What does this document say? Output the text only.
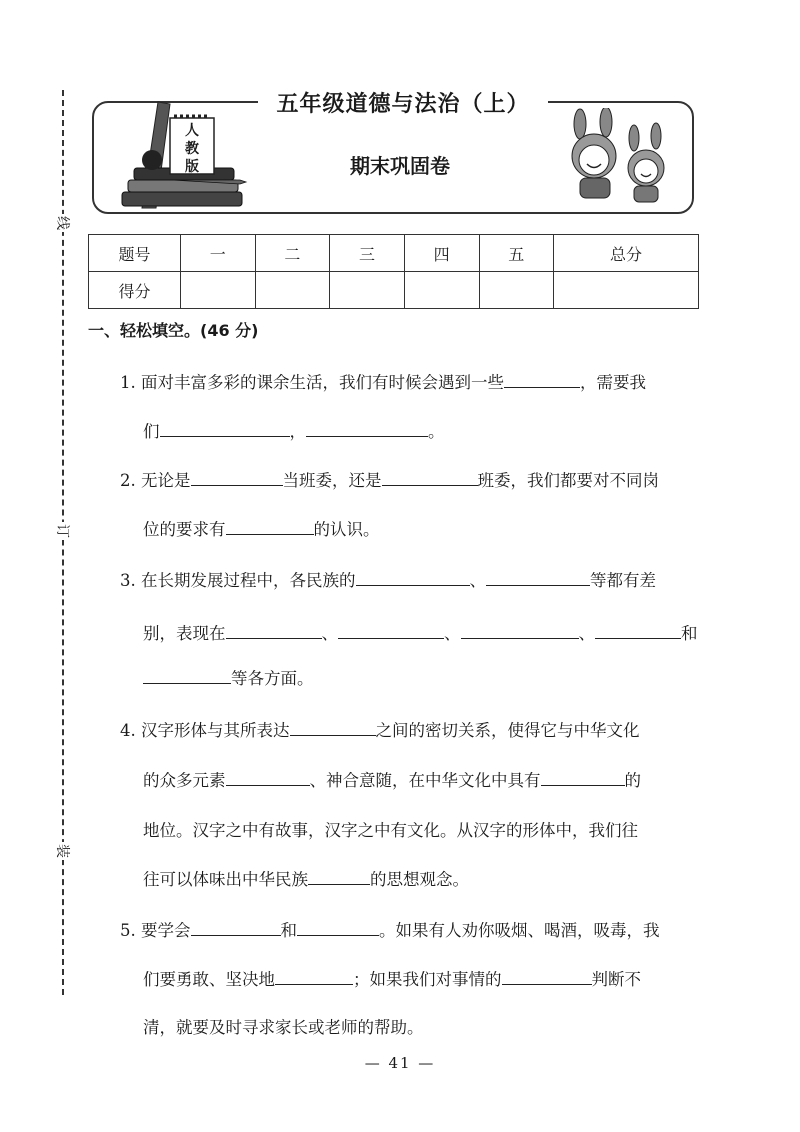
线
订
装
人
教
版
五年级道德与法治（上）
期末巩固卷
题号	一	二	三	四	五	总分
得分						
一、轻松填空。(46 分)
1. 面对丰富多彩的课余生活，我们有时候会遇到一些	，需要我
们	，	。
2. 无论是	当班委，还是	班委，我们都要对不同岗
位的要求有	的认识。
3. 在长期发展过程中，各民族的	、	等都有差
别，表现在	、	、	、	和
等各方面。
4. 汉字形体与其所表达	之间的密切关系，使得它与中华文化
的众多元素	、神合意随，在中华文化中具有	的
地位。汉字之中有故事，汉字之中有文化。从汉字的形体中，我们往
往可以体味出中华民族	的思想观念。
5. 要学会	和	。如果有人劝你吸烟、喝酒，吸毒，我
们要勇敢、坚决地	；如果我们对事情的	判断不
清，就要及时寻求家长或老师的帮助。
— 41 —
